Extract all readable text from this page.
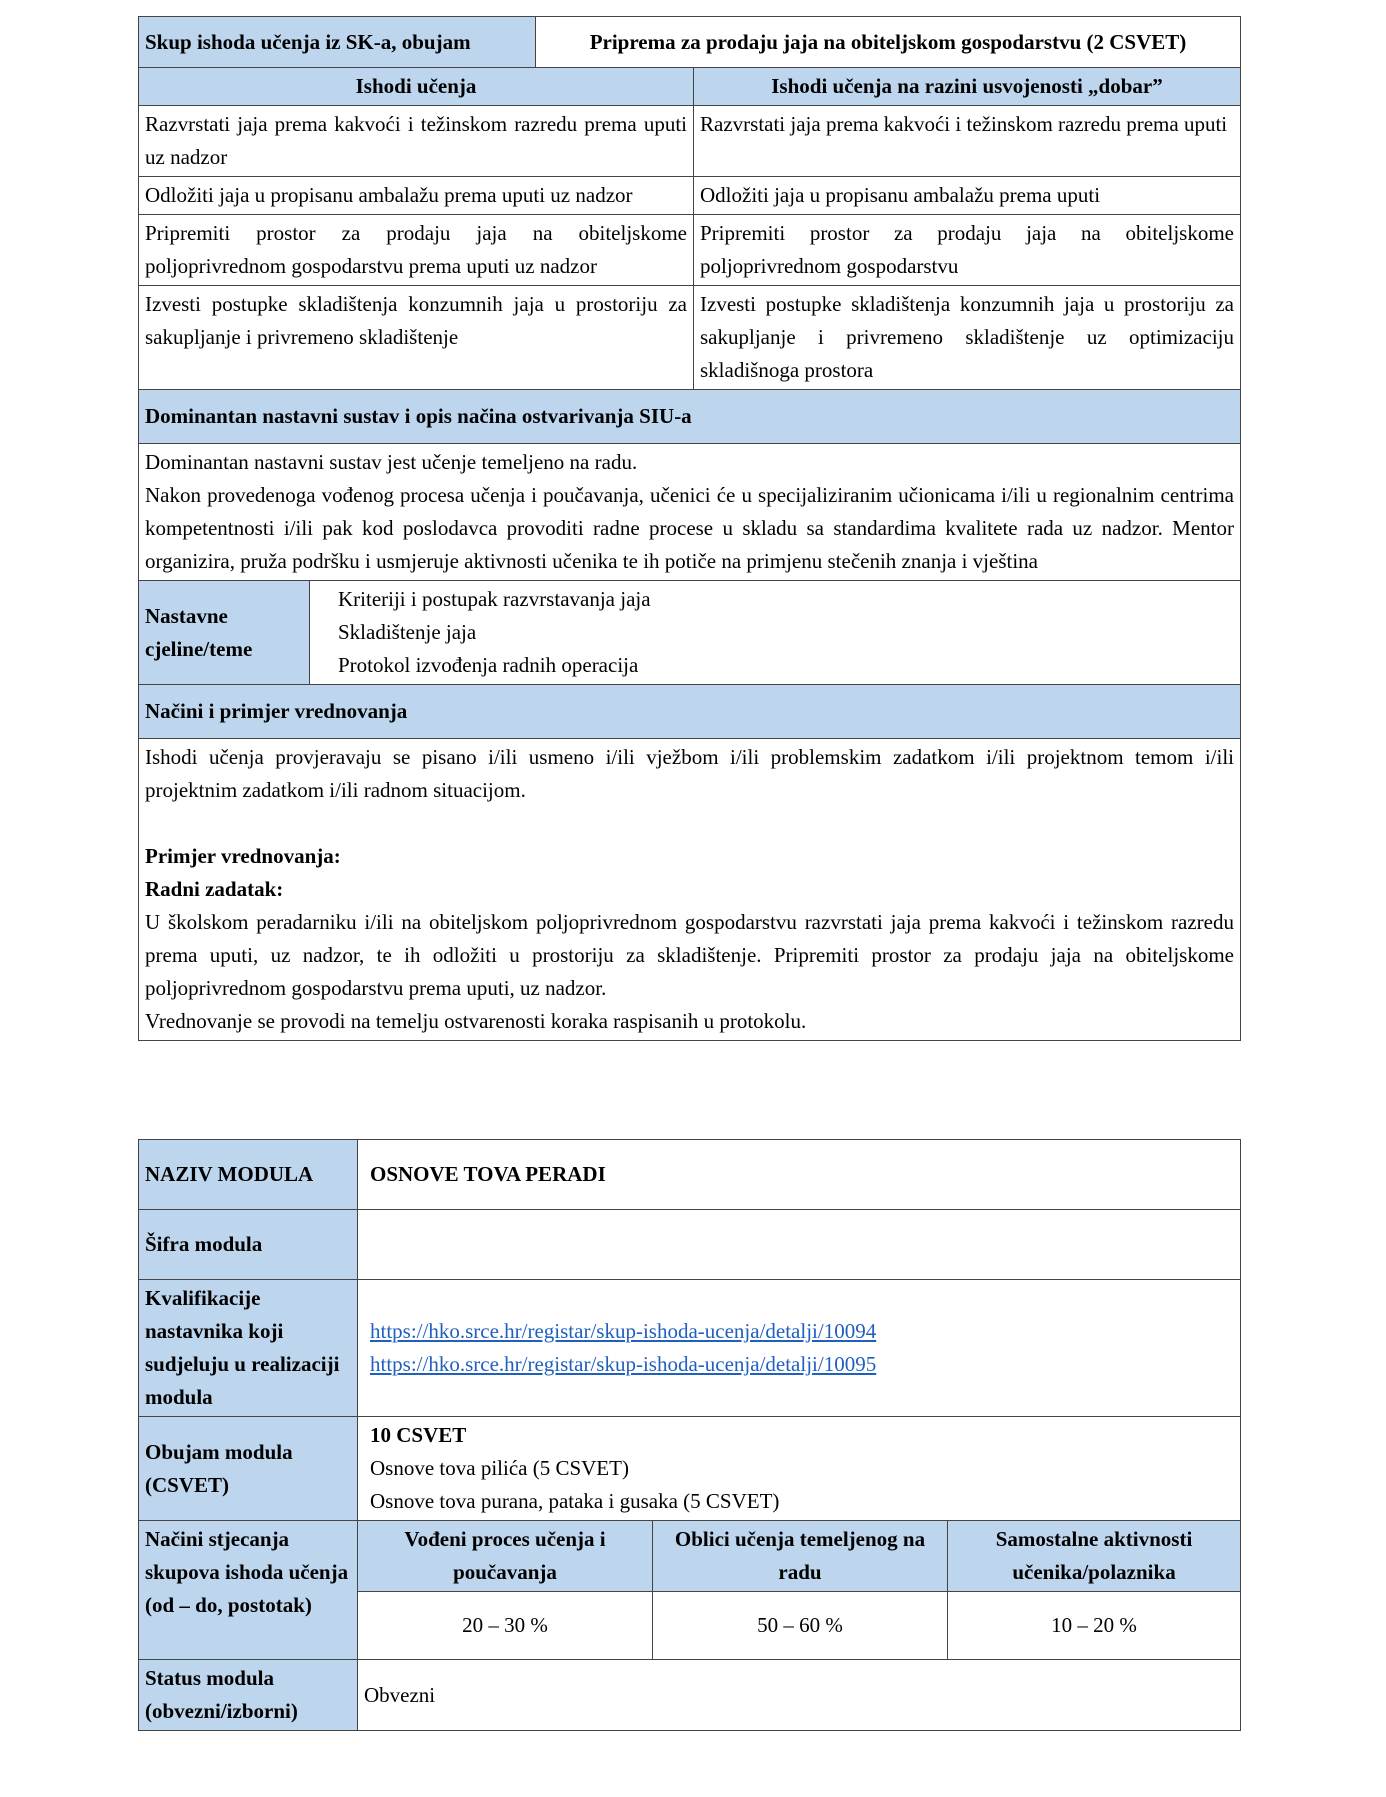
Skup ishoda učenja iz SK-a, obujam		Priprema za prodaju jaja na obiteljskom gospodarstvu (2 CSVET)	
Ishodi učenja			Ishodi učenja na razini usvojenosti „dobar”
Razvrstati jaja prema kakvoći i težinskom razredu prema uputi uz nadzor			Razvrstati jaja prema kakvoći i težinskom razredu prema uputi
Odložiti jaja u propisanu ambalažu prema uputi uz nadzor			Odložiti jaja u propisanu ambalažu prema uputi
Pripremiti prostor za prodaju jaja na obiteljskome poljoprivrednom gospodarstvu prema uputi uz nadzor			Pripremiti prostor za prodaju jaja na obiteljskome poljoprivrednom gospodarstvu
Izvesti postupke skladištenja konzumnih jaja u prostoriju za sakupljanje i privremeno skladištenje			Izvesti postupke skladištenja konzumnih jaja u prostoriju za sakupljanje i privremeno skladištenje uz optimizaciju skladišnoga prostora
Dominantan nastavni sustav i opis načina ostvarivanja SIU-a			

Dominantan nastavni sustav jest učenje temeljeno na radu.
Nakon provedenoga vođenog procesa učenja i poučavanja, učenici će u specijaliziranim učionicama i/ili u regionalnim centrima kompetentnosti i/ili pak kod poslodavca provoditi radne procese u skladu sa standardima kvalitete rada uz nadzor. Mentor organizira, pruža podršku i usmjeruje aktivnosti učenika te ih potiče na primjenu stečenih znanja i vještina			

Nastavne cjeline/teme	Kriteriji i postupak razvrstavanja jaja
Skladištenje jaja
Protokol izvođenja radnih operacija		

Načini i primjer vrednovanja			

Ishodi učenja provjeravaju se pisano i/ili usmeno i/ili vježbom i/ili problemskim zadatkom i/ili projektnom temom i/ili projektnim zadatkom i/ili radnom situacijom.
Primjer vrednovanja:
Radni zadatak:
U školskom peradarniku i/ili na obiteljskom poljoprivrednom gospodarstvu razvrstati jaja prema kakvoći i težinskom razredu prema uputi, uz nadzor, te ih odložiti u prostoriju za skladištenje. Pripremiti prostor za prodaju jaja na obiteljskome poljoprivrednom gospodarstvu prema uputi, uz nadzor.
Vrednovanje se provodi na temelju ostvarenosti koraka raspisanih u protokolu.			
NAZIV MODULA	OSNOVE TOVA PERADI		
Šifra modula			
Kvalifikacije nastavnika koji sudjeluju u realizaciji modula	https://hko.srce.hr/registar/skup-ishoda-ucenja/detalji/10094
https://hko.srce.hr/registar/skup-ishoda-ucenja/detalji/10095		

Obujam modula (CSVET)	10 CSVET
Osnove tova pilića (5 CSVET)
Osnove tova purana, pataka i gusaka (5 CSVET)		

Načini stjecanja skupova ishoda učenja (od – do, postotak)	Vođeni proces učenja i poučavanja	Oblici učenja temeljenog na radu	Samostalne aktivnosti učenika/polaznika
	20 – 30 %	50 – 60 %	10 – 20 %
Status modula (obvezni/izborni)	Obvezni		
